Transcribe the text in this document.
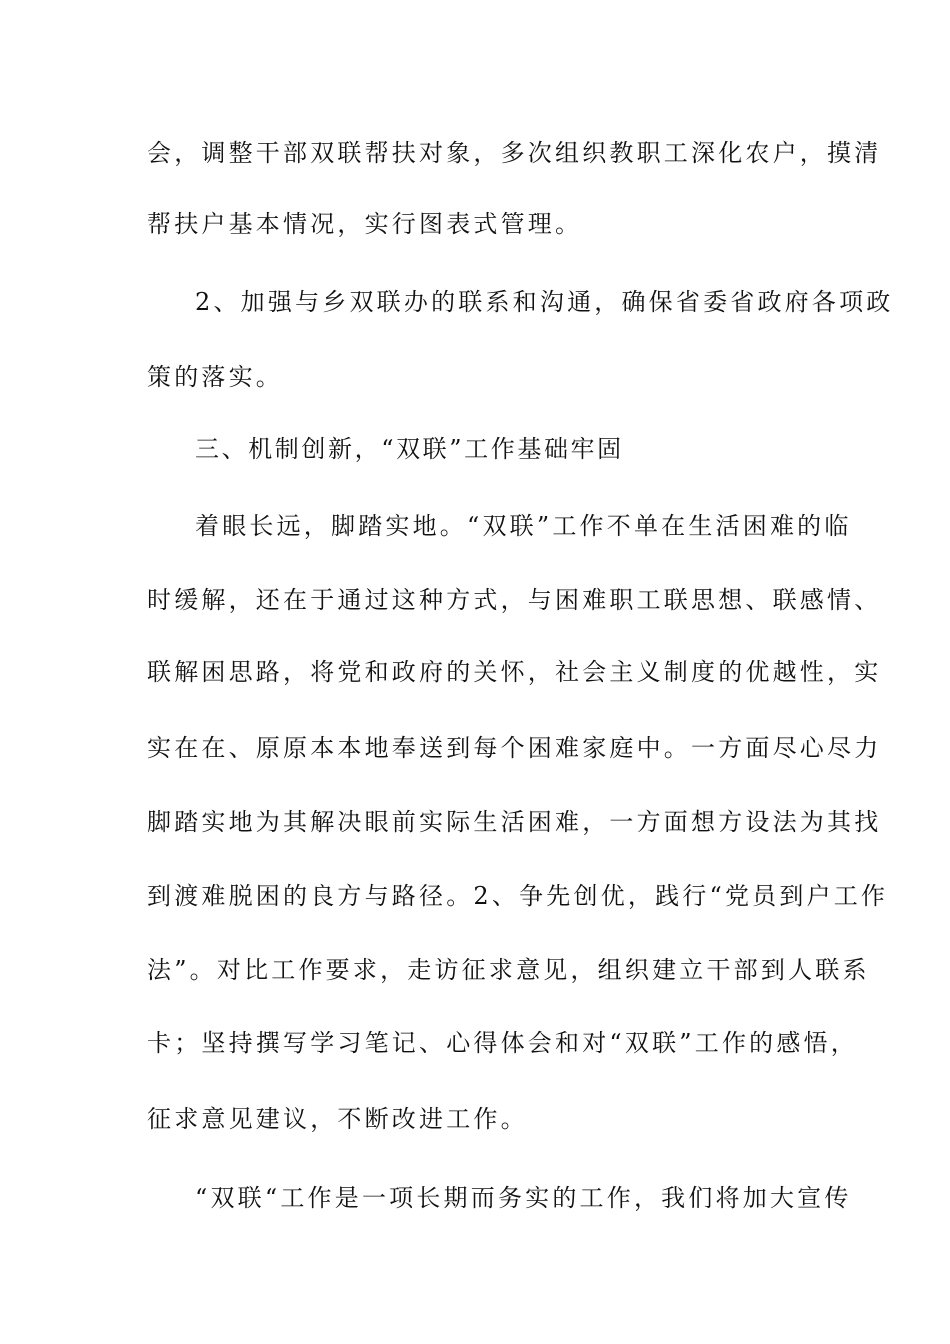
会，调整干部双联帮扶对象，多次组织教职工深化农户，摸清

帮扶户基本情况，实行图表式管理。

2、加强与乡双联办的联系和沟通，确保省委省政府各项政

策的落实。

三、机制创新，“双联”工作基础牢固

着眼长远，脚踏实地。“双联”工作不单在生活困难的临

时缓解，还在于通过这种方式，与困难职工联思想、联感情、

联解困思路，将党和政府的关怀，社会主义制度的优越性，实

实在在、原原本本地奉送到每个困难家庭中。一方面尽心尽力

脚踏实地为其解决眼前实际生活困难，一方面想方设法为其找

到渡难脱困的良方与路径。2、争先创优，践行“党员到户工作

法”。对比工作要求，走访征求意见，组织建立干部到人联系

卡；坚持撰写学习笔记、心得体会和对“双联”工作的感悟，

征求意见建议，不断改进工作。

“双联“工作是一项长期而务实的工作，我们将加大宣传
